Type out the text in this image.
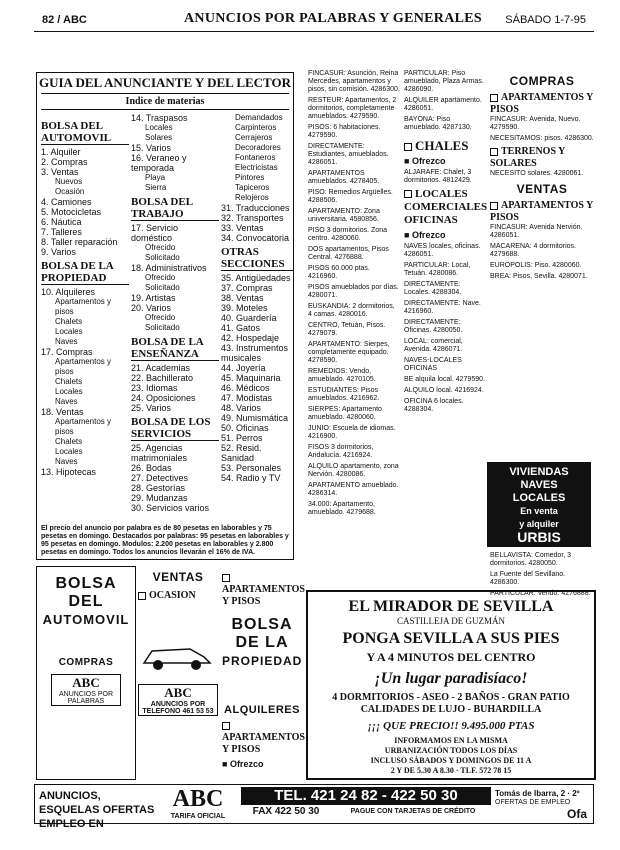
82 / ABC	ANUNCIOS POR PALABRAS Y GENERALES SÁBADO 1-7-95
GUIA DEL ANUNCIANTE Y DEL LECTOR
Indice de materias
BOLSA DEL AUTOMOVIL
1. Alquiler
2. Compras
3. Ventas
Nuevos
Ocasión
4. Camiones
5. Motocicletas
6. Náutica
7. Talleres
8. Taller reparación
9. Varios
BOLSA DE LA PROPIEDAD
10. Alquileres
Apartamentos y pisos
Chalets
Locales
Naves
17. Compras
Apartamentos y pisos
Chalets
Locales
Naves
18. Ventas
Apartamentos y pisos
Chalets
Locales
Naves
13. Hipotecas
14. Traspasos
Locales
Solares
15. Varios
16. Veraneo y temporada
Playa
Sierra
BOLSA DEL TRABAJO
17. Servicio doméstico
Ofrecido
Solicitado
18. Administrativos
Ofrecido
Solicitado
19. Artistas
20. Varios
Ofrecido
Solicitado
BOLSA DE LA ENSEÑANZA
21. Academias
22. Bachillerato
23. Idiomas
24. Oposiciones
25. Varios
BOLSA DE LOS SERVICIOS
25. Agencias matrimoniales
26. Bodas
27. Detectives
28. Gestorías
29. Mudanzas
30. Servicios varios
Demandados
Carpinteros
Cerrajeros
Decoradores
Fontaneros
Electricistas
Pintores
Tapiceros
Relojeros
31. Traducciones
32. Transportes
33. Ventas
34. Convocatoria
OTRAS SECCIONES
35. Antigüedades
37. Compras
38. Ventas
39. Moteles
40. Guardería
41. Gatos
42. Hospedaje
43. Instrumentos musicales
44. Joyería
45. Maquinaria
46. Médicos
47. Modistas
48. Varios
49. Numismática
50. Oficinas
51. Perros
52. Resid. Sanidad
53. Personales
54. Radio y TV
El precio del anuncio por palabra es de 80 pesetas en laborables y 75 pesetas en domingo. Destacados por palabras: 95 pesetas en laborables y 95 pesetas en domingo. Modulos: 2.200 pesetas en laborables y 2.800 pesetas en domingo. Todos los anuncios llevarán el 16% de IVA.

FINCASUR: Asunción, Reina Mercedes, apartamentos y pisos, sin comisión. 4286300.

RESTEUR: Apartamentos, 2 dormitorios, completamente amueblados. 4279590.

PISOS: 6 habitaciones. 4279590.

DIRECTAMENTE: Estudiantes, amueblados. 4286051.

APARTAMENTOS amueblados. 4278405.

PISO: Remedios Argüelles. 4288506.

APARTAMENTO: Zona universitaria. 4580856.

PISO 3 dormitorios. Zona centro. 4280060.

DOS apartamentos, Pisos Central. 4276888.

PISOS 60.000 ptas. 4216960.

PISOS amueblados por días. 4280071.

EUSKANDIA: 2 dormitorios, 4 camas. 4280016.

CENTRO, Tetuán, Pisos. 4279079.

APARTAMENTO: Sierpes, completamente equipado. 4278590.

REMEDIOS: Vendo, amueblado. 4270105.

ESTUDIANTES: Pisos amueblados. 4216962.

SIERPES: Apartamento amueblado. 4280060.

JUNIO: Escuela de idiomas. 4216900.

FISOS 3 dormitorios, Andalucía. 4216924.

ALQUILO apartamento, zona Nervión. 4280086.

APARTAMENTO amueblado. 4286314.

34.000: Apartamento, amueblado. 4279688.

PARTICULAR: Piso amueblado, Plaza Armas. 4286090.

ALQUILER apartamento. 4286051.

BAYONA: Piso amueblado. 4287130.

CHALES
■ Ofrezco

ALJARAFE: Chalet, 3 dormitorios. 4812429.

LOCALES COMERCIALES OFICINAS
■ Ofrezco

NAVES locales, oficinas. 4286051.

PARTICULAR: Local, Tetuán. 4280086.

DIRECTAMENTE: Locales. 4288304.

DIRECTAMENTE: Nave. 4216960.

DIRECTAMENTE: Oficinas. 4280050.

LOCAL: comercial, Avenida. 4286071.

NAVES-LOCALES OFICINAS

BE alquila local. 4279590.

ALQUILO local. 4216924.

OFICINA 6 locales. 4288304.

COMPRAS
APARTAMENTOS Y PISOS

FINCASUR: Avenida, Nuevo. 4279590.

NECESITAMOS: pisos. 4286300.

TERRENOS Y SOLARES

NECESITO solares. 4280061.

VENTAS
APARTAMENTOS Y PISOS

FINCASUR: Avenida Nervión. 4286051.

MACARENA: 4 dormitorios. 4279688.

EUROPOLIS: Piso. 4280060.

BREA: Pisos, Sevilla. 4280071.

VIVIENDAS
NAVES
LOCALES
En venta
y alquiler
URBIS

BELLAVISTA: Comedor, 3 dormitorios. 4280050.

La Fuente del Sevillano. 4286300.

PARTICULAR: Vendo. 4276888.

BOLSA
DEL
AUTOMOVIL
COMPRAS
ABC
ANUNCIOS POR PALABRAS
VENTAS
OCASION
ABC
ANUNCIOS POR TELEFONO 461 53 53
APARTAMENTOS Y PISOS
BOLSA
DE LA
PROPIEDAD
ALQUILERES
APARTAMENTOS Y PISOS
■ Ofrezco
EL MIRADOR DE SEVILLA
CASTILLEJA DE GUZMÁN
PONGA SEVILLA A SUS PIES
Y A 4 MINUTOS DEL CENTRO
¡Un lugar paradisíaco!
4 DORMITORIOS - ASEO - 2 BAÑOS - GRAN PATIO
CALIDADES DE LUJO - BUHARDILLA
¡¡¡ QUE PRECIO!! 9.495.000 PTAS
INFORMAMOS EN LA MISMA URBANIZACIÓN TODOS LOS DÍAS INCLUSO SÁBADOS Y DOMINGOS DE 11 A 2 Y DE 5.30 A 8.30 · TLF. 572 78 15
ANUNCIOS, ESQUELAS OFERTAS EMPLEO EN
ABC
TARIFA OFICIAL
TEL. 421 24 82 - 422 50 30
FAX 422 50 30	PAGUE CON TARJETAS DE CRÉDITO
Tomás de Ibarra, 2 · 2º
OFERTAS DE EMPLEO
Ofa
